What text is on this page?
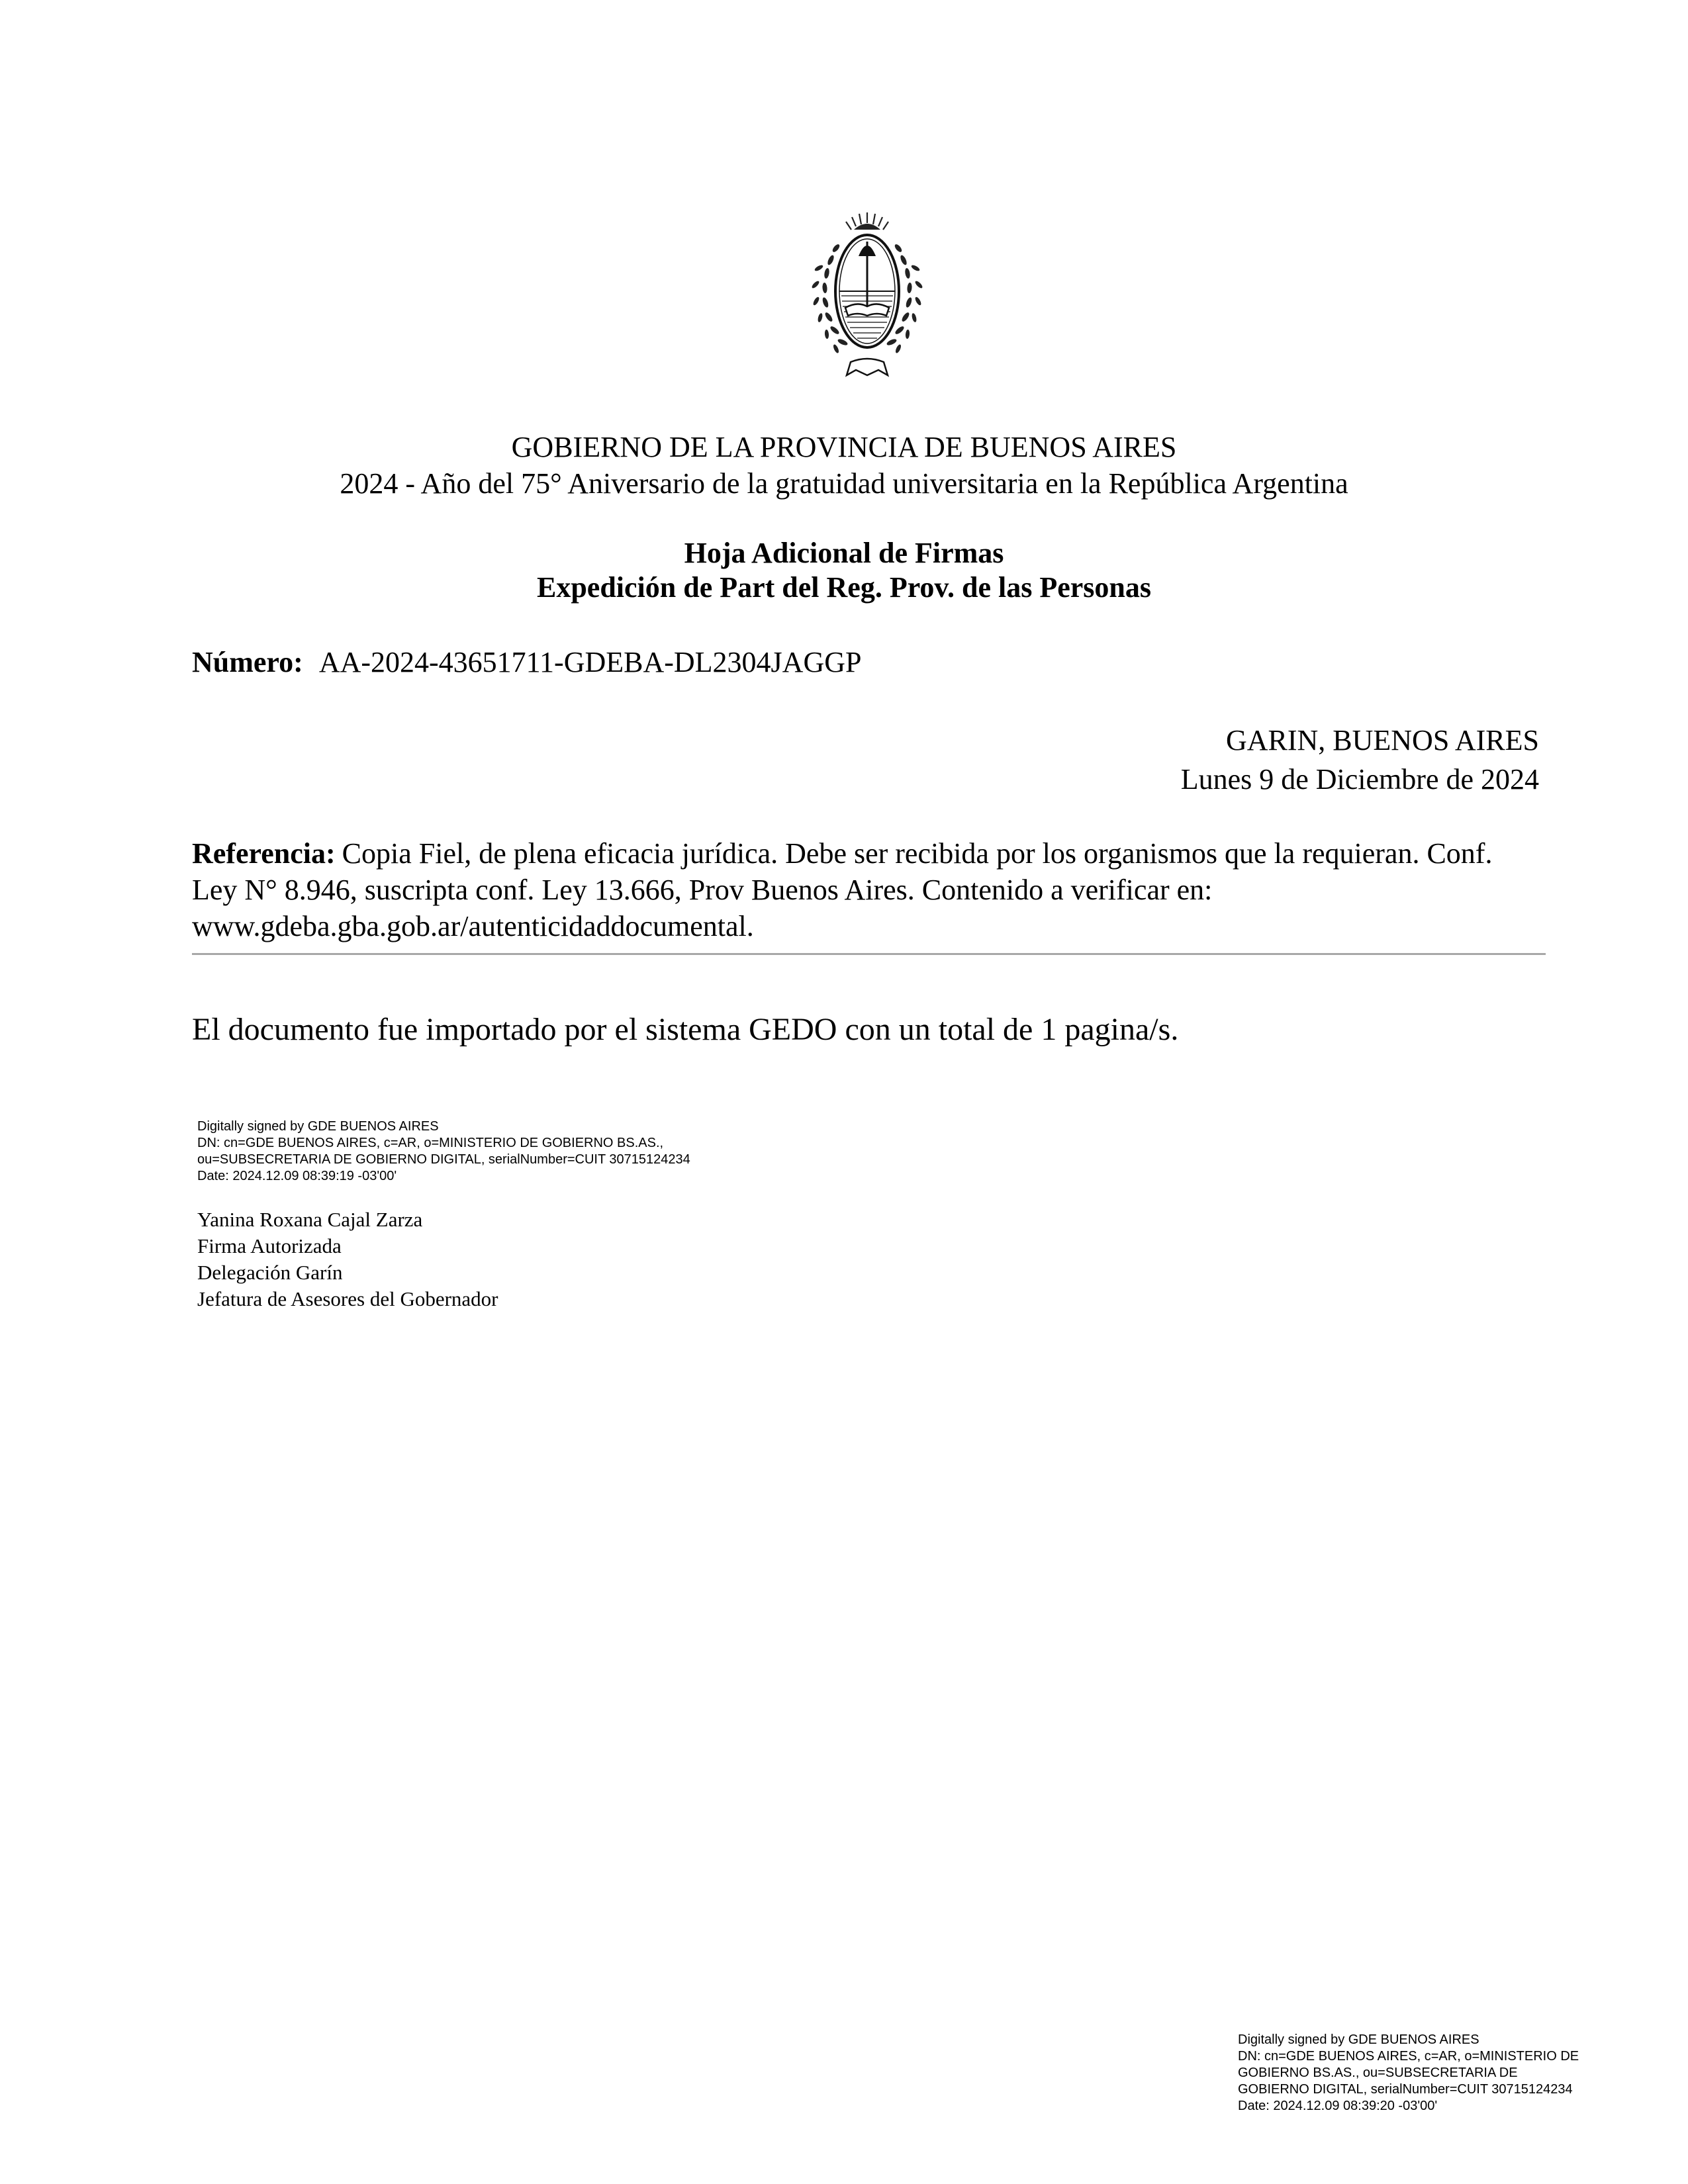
GOBIERNO DE LA PROVINCIA DE BUENOS AIRES
2024 - Año del 75° Aniversario de la gratuidad universitaria en la República Argentina
Hoja Adicional de Firmas
Expedición de Part del Reg. Prov. de las Personas
Número: AA-2024-43651711-GDEBA-DL2304JAGGP
GARIN, BUENOS AIRES
Lunes 9 de Diciembre de 2024
Referencia: Copia Fiel, de plena eficacia jurídica. Debe ser recibida por los organismos que la requieran. Conf. Ley N° 8.946, suscripta conf. Ley 13.666, Prov Buenos Aires. Contenido a verificar en: www.gdeba.gba.gob.ar/autenticidaddocumental.
El documento fue importado por el sistema GEDO con un total de 1 pagina/s.
Digitally signed by GDE BUENOS AIRES
DN: cn=GDE BUENOS AIRES, c=AR, o=MINISTERIO DE GOBIERNO BS.AS.,
ou=SUBSECRETARIA DE GOBIERNO DIGITAL, serialNumber=CUIT 30715124234
Date: 2024.12.09 08:39:19 -03'00'
Yanina Roxana Cajal Zarza
Firma Autorizada
Delegación Garín
Jefatura de Asesores del Gobernador
Digitally signed by GDE BUENOS AIRES
DN: cn=GDE BUENOS AIRES, c=AR, o=MINISTERIO DE
GOBIERNO BS.AS., ou=SUBSECRETARIA DE
GOBIERNO DIGITAL, serialNumber=CUIT 30715124234
Date: 2024.12.09 08:39:20 -03'00'
